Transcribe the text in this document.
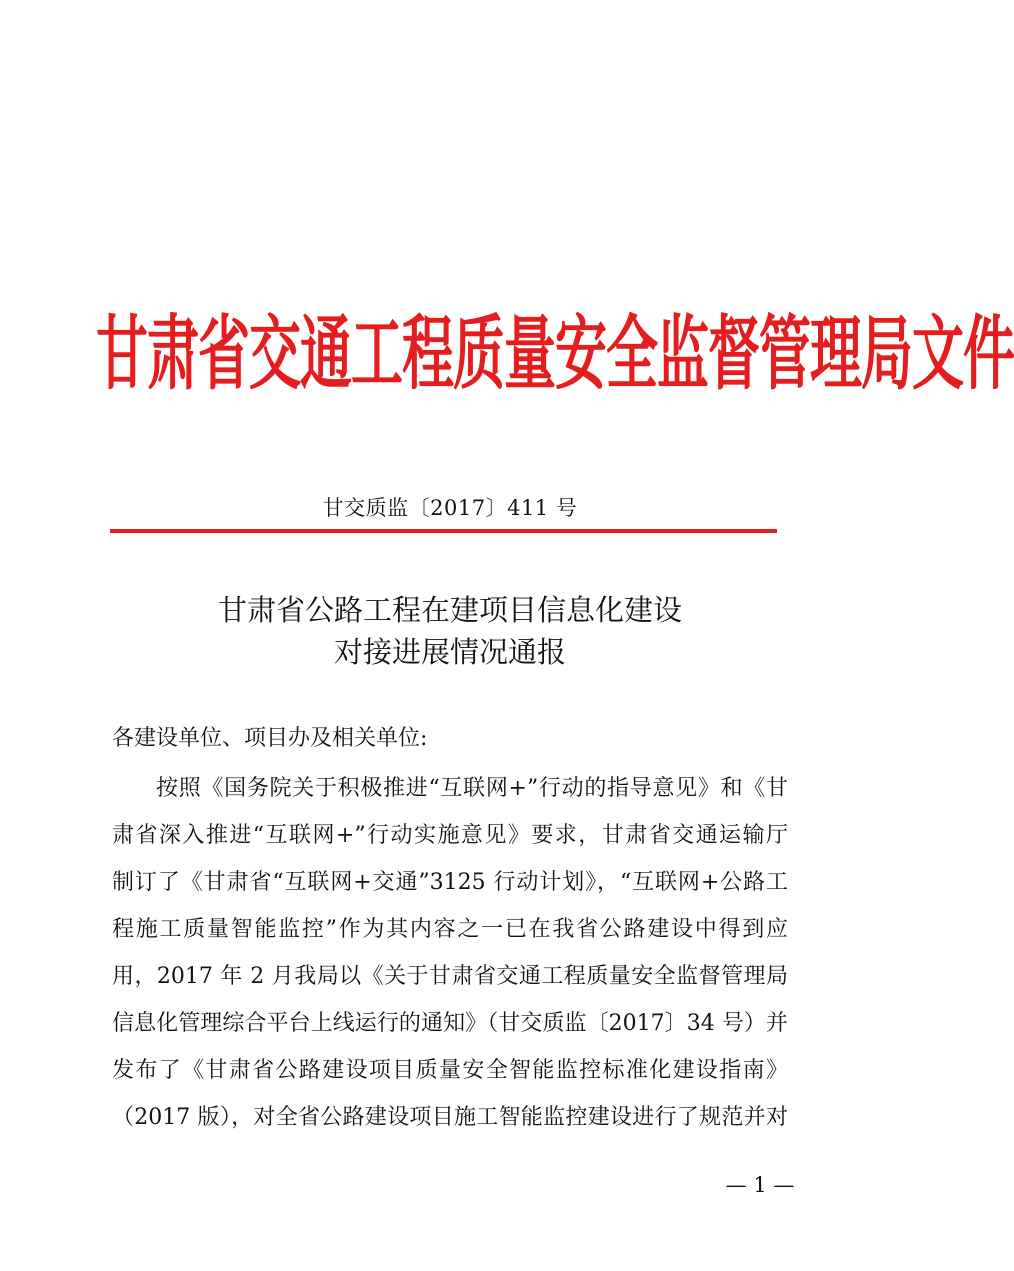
甘肃省交通工程质量安全监督管理局文件
甘交质监〔2017〕411 号
甘肃省公路工程在建项目信息化建设
对接进展情况通报
各建设单位、项目办及相关单位:
按照《国务院关于积极推进“互联网+”行动的指导意见》和《甘
肃省深入推进“互联网+”行动实施意见》要求，甘肃省交通运输厅
制订了《甘肃省“互联网+交通”3125 行动计划》，“互联网+公路工
程施工质量智能监控”作为其内容之一已在我省公路建设中得到应
用，2017 年 2 月我局以《关于甘肃省交通工程质量安全监督管理局
信息化管理综合平台上线运行的通知》（甘交质监〔2017〕34 号）并
发布了《甘肃省公路建设项目质量安全智能监控标准化建设指南》
（2017 版），对全省公路建设项目施工智能监控建设进行了规范并对
— 1 —
